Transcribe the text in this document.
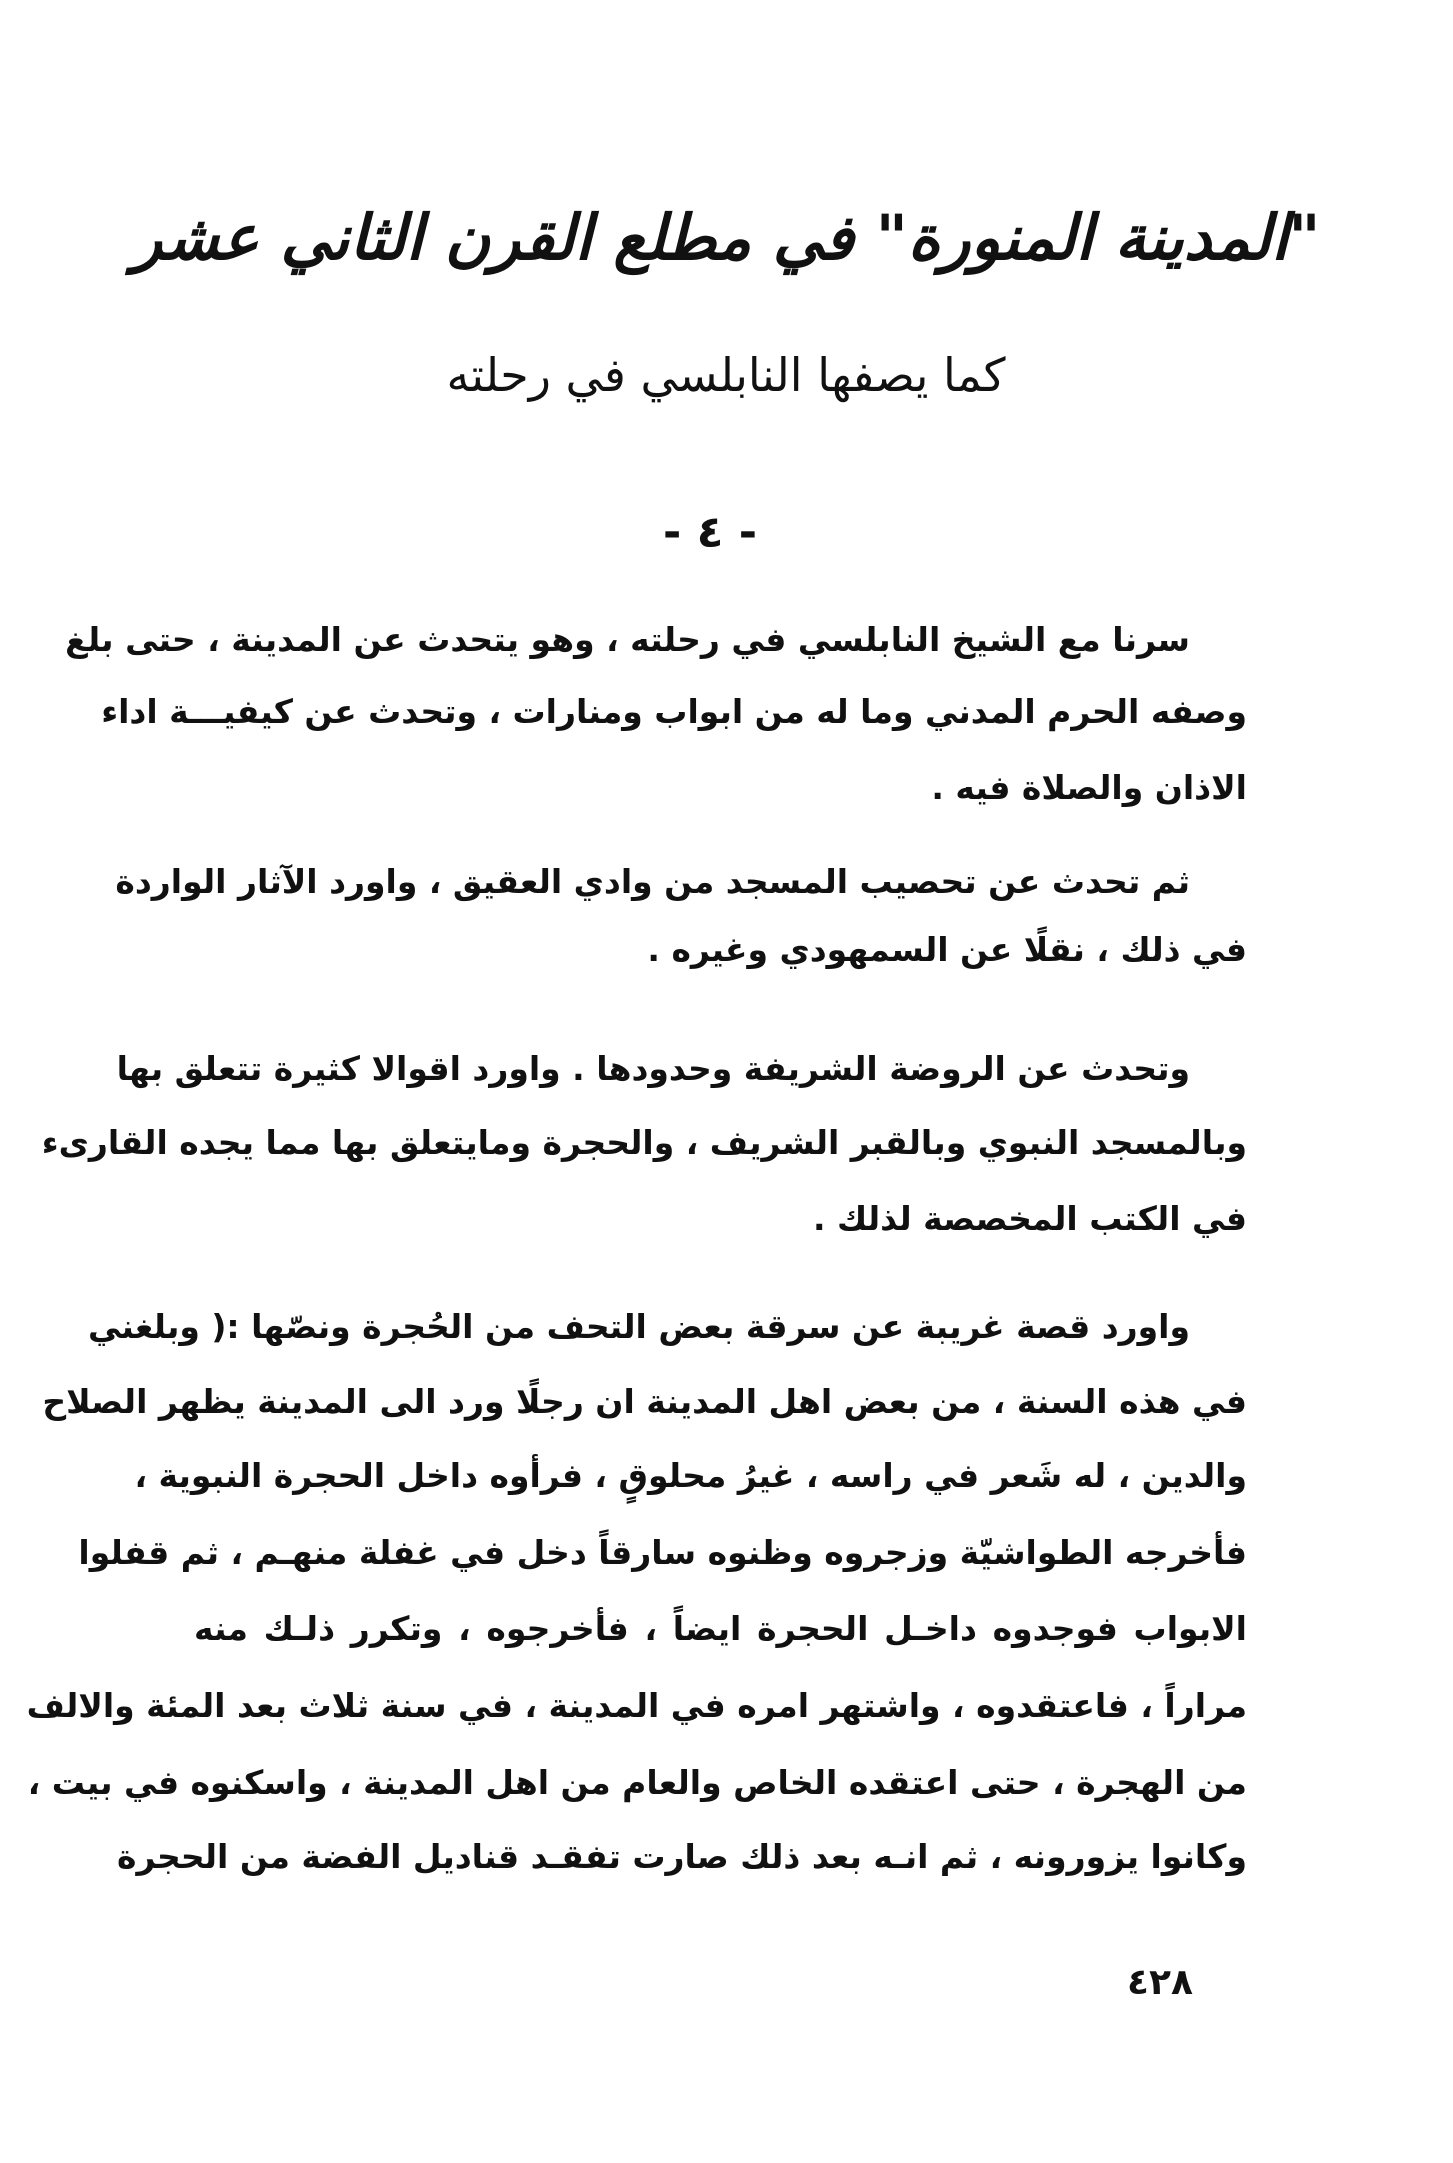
"المدينة المنورة" في مطلع القرن الثاني عشر
كما يصفها النابلسي في رحلته
- ٤ -
سرنا مع الشيخ النابلسي في رحلته ، وهو يتحدث عن المدينة ، حتى بلغ
وصفه الحرم المدني وما له من ابواب ومنارات ، وتحدث عن كيفيـــة اداء
الاذان والصلاة فيه .
ثم تحدث عن تحصيب المسجد من وادي العقيق ، واورد الآثار الواردة
في ذلك ، نقلًا عن السمهودي وغيره .
وتحدث عن الروضة الشريفة وحدودها . واورد اقوالا كثيرة تتعلق بها
وبالمسجد النبوي وبالقبر الشريف ، والحجرة ومايتعلق بها مما يجده القارىء
في الكتب المخصصة لذلك .
واورد قصة غريبة عن سرقة بعض التحف من الحُجرة ونصّها :( وبلغني
في هذه السنة ، من بعض اهل المدينة ان رجلًا ورد الى المدينة يظهر الصلاح
والدين ، له شَعر في راسه ، غيرُ محلوقٍ ، فرأوه داخل الحجرة النبوية ،
فأخرجه الطواشيّة وزجروه وظنوه سارقاً دخل في غفلة منهـم ، ثم قفلوا
الابواب فوجدوه داخـل الحجرة ايضاً ، فأخرجوه ، وتكرر ذلـك منه
مراراً ، فاعتقدوه ، واشتهر امره في المدينة ، في سنة ثلاث بعد المئة والالف
من الهجرة ، حتى اعتقده الخاص والعام من اهل المدينة ، واسكنوه في بيت ،
وكانوا يزورونه ، ثم انـه بعد ذلك صارت تفقـد قناديل الفضة من الحجرة
٤٢٨
